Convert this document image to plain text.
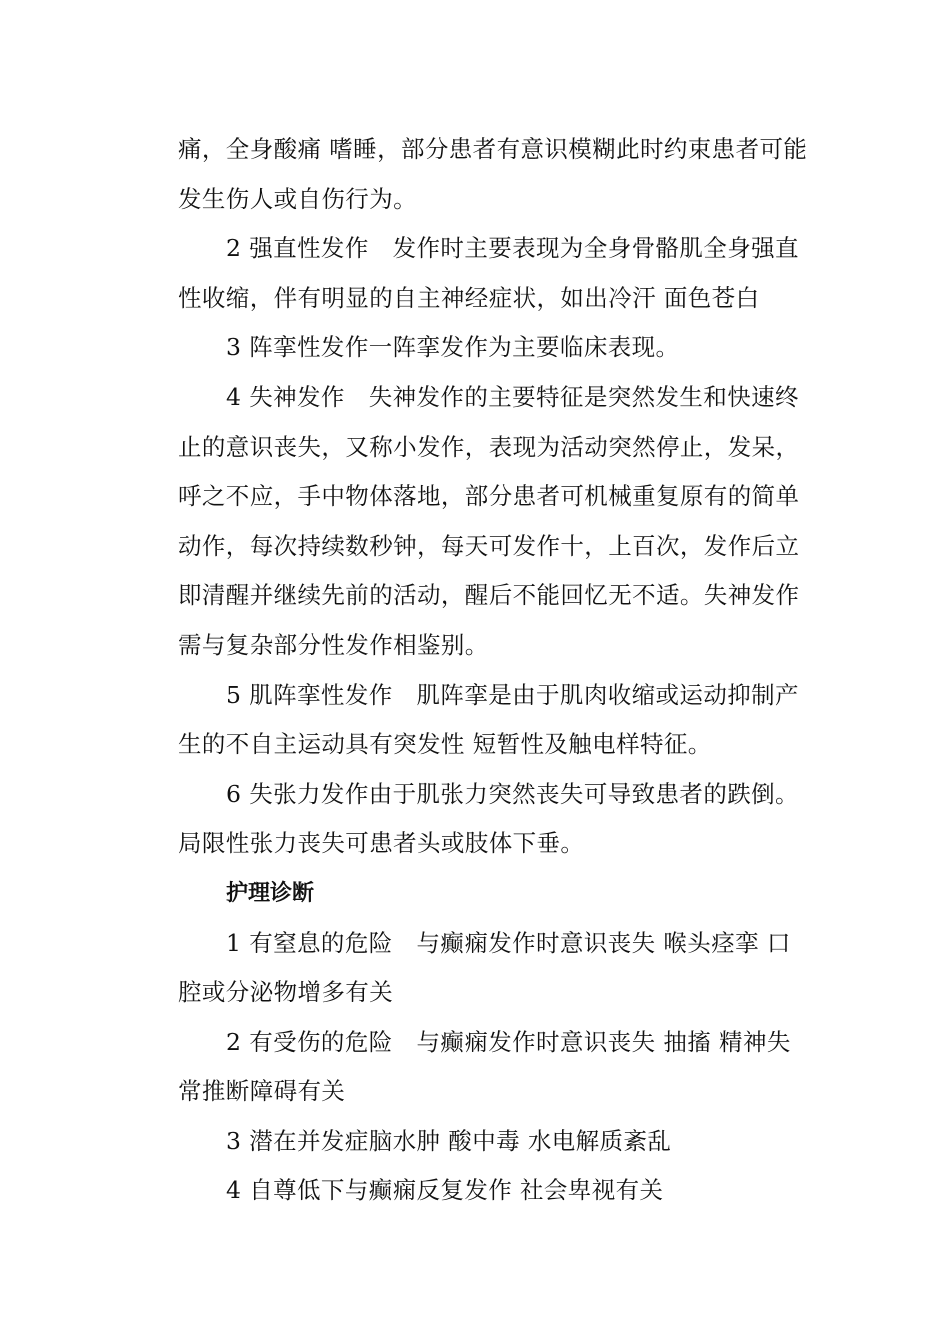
痛，全身酸痛 嗜睡，部分患者有意识模糊此时约束患者可能发生伤人或自伤行为。

2 强直性发作　发作时主要表现为全身骨骼肌全身强直性收缩，伴有明显的自主神经症状，如出冷汗 面色苍白

3 阵挛性发作一阵挛发作为主要临床表现。

4 失神发作　失神发作的主要特征是突然发生和快速终止的意识丧失，又称小发作，表现为活动突然停止，发呆，呼之不应，手中物体落地，部分患者可机械重复原有的简单动作，每次持续数秒钟，每天可发作十，上百次，发作后立即清醒并继续先前的活动，醒后不能回忆无不适。失神发作需与复杂部分性发作相鉴别。

5 肌阵挛性发作　肌阵挛是由于肌肉收缩或运动抑制产生的不自主运动具有突发性 短暂性及触电样特征。

6 失张力发作由于肌张力突然丧失可导致患者的跌倒。局限性张力丧失可患者头或肢体下垂。

护理诊断

1 有窒息的危险　与癫痫发作时意识丧失 喉头痉挛 口腔或分泌物增多有关

2 有受伤的危险　与癫痫发作时意识丧失 抽搐 精神失常推断障碍有关

3 潜在并发症脑水肿 酸中毒 水电解质紊乱

4 自尊低下与癫痫反复发作 社会卑视有关
